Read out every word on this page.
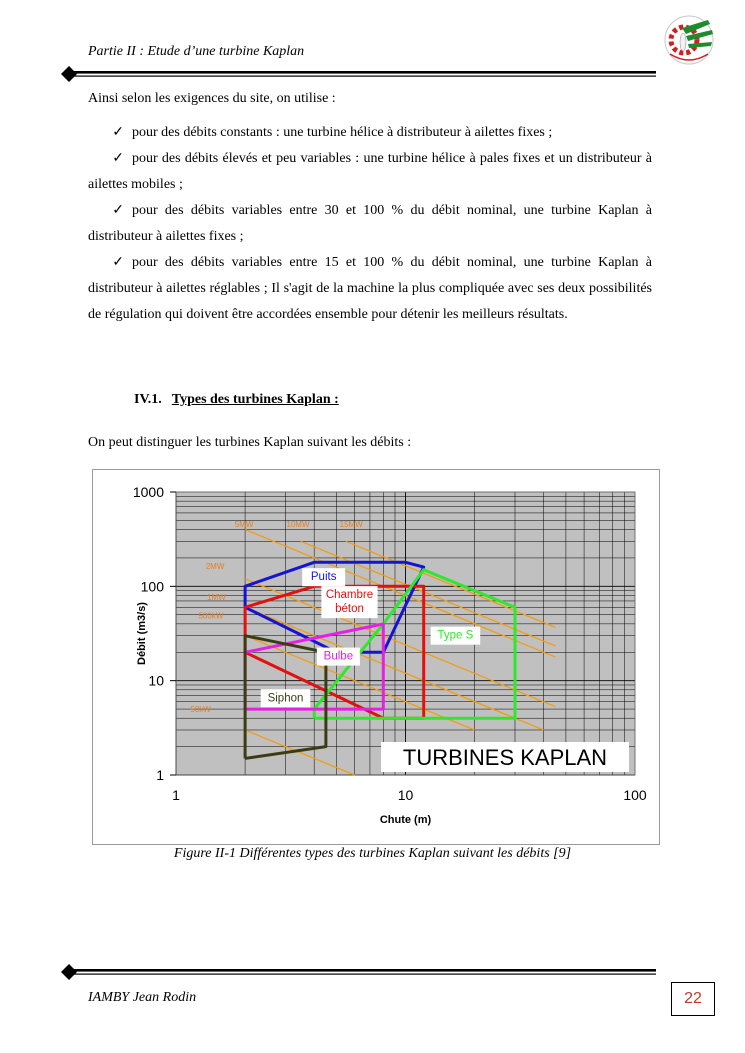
Partie II : Etude d’une turbine Kaplan

Ainsi selon les exigences du site, on utilise :

✓ pour des débits constants : une turbine hélice à distributeur à ailettes fixes ;

✓ pour des débits élevés et peu variables : une turbine hélice à pales fixes et un distributeur à ailettes mobiles ;

✓ pour des débits variables entre 30 et 100 % du débit nominal, une turbine Kaplan à distributeur à ailettes fixes ;

✓ pour des débits variables entre 15 et 100 % du débit nominal, une turbine Kaplan à distributeur à ailettes réglables ; Il s'agit de la machine la plus compliquée avec ses deux possibilités de régulation qui doivent être accordées ensemble pour détenir les meilleurs résultats.

IV.1. Types des turbines Kaplan :

On peut distinguer les turbines Kaplan suivant les débits :

50kW
500kW
1MW
2MW
10MW	15MW
5MW
Puits
Chambre
béton
Type S
Bulbe
Siphon
TURBINES KAPLAN
1	10	100
1
10
100
1000
Chute (m)
Débit (m3/s)
Figure II-1 Différentes types des turbines Kaplan suivant les débits [9]
IAMBY Jean Rodin	22
